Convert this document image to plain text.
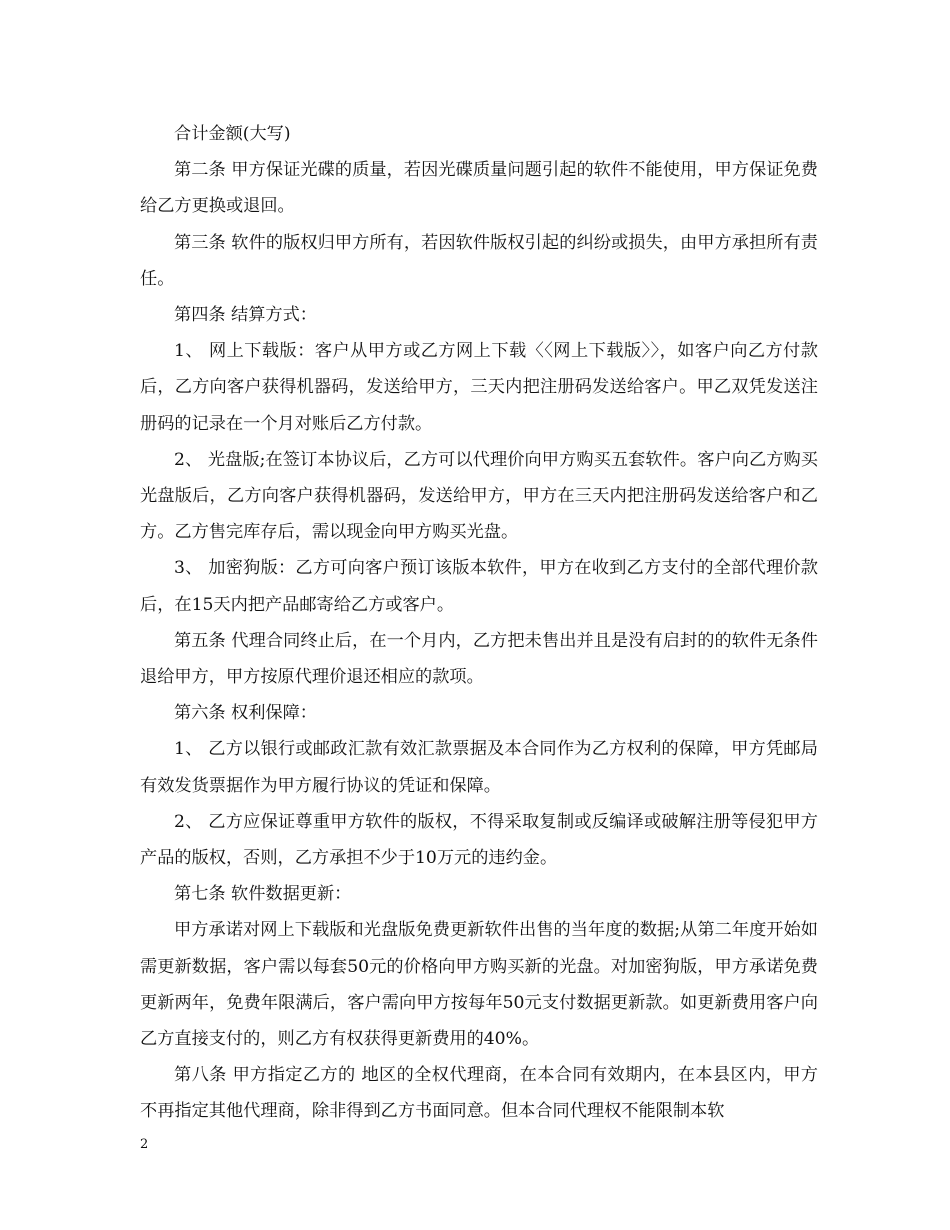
合计金额(大写)

第二条 甲方保证光碟的质量，若因光碟质量问题引起的软件不能使用，甲方保证免费给乙方更换或退回。

第三条 软件的版权归甲方所有，若因软件版权引起的纠纷或损失，由甲方承担所有责任。

第四条 结算方式：

1、 网上下载版：客户从甲方或乙方网上下载〈〈网上下载版〉〉，如客户向乙方付款后，乙方向客户获得机器码，发送给甲方，三天内把注册码发送给客户。甲乙双凭发送注册码的记录在一个月对账后乙方付款。

2、 光盘版;在签订本协议后，乙方可以代理价向甲方购买五套软件。客户向乙方购买光盘版后，乙方向客户获得机器码，发送给甲方，甲方在三天内把注册码发送给客户和乙方。乙方售完库存后，需以现金向甲方购买光盘。

3、 加密狗版：乙方可向客户预订该版本软件，甲方在收到乙方支付的全部代理价款后，在15天内把产品邮寄给乙方或客户。

第五条 代理合同终止后，在一个月内，乙方把未售出并且是没有启封的的软件无条件退给甲方，甲方按原代理价退还相应的款项。

第六条 权利保障：

1、 乙方以银行或邮政汇款有效汇款票据及本合同作为乙方权利的保障，甲方凭邮局有效发货票据作为甲方履行协议的凭证和保障。

2、 乙方应保证尊重甲方软件的版权，不得采取复制或反编译或破解注册等侵犯甲方产品的版权，否则，乙方承担不少于10万元的违约金。

第七条 软件数据更新：

甲方承诺对网上下载版和光盘版免费更新软件出售的当年度的数据;从第二年度开始如需更新数据，客户需以每套50元的价格向甲方购买新的光盘。对加密狗版，甲方承诺免费更新两年，免费年限满后，客户需向甲方按每年50元支付数据更新款。如更新费用客户向乙方直接支付的，则乙方有权获得更新费用的40%。

第八条 甲方指定乙方的 地区的全权代理商，在本合同有效期内，在本县区内，甲方不再指定其他代理商，除非得到乙方书面同意。但本合同代理权不能限制本软

2
